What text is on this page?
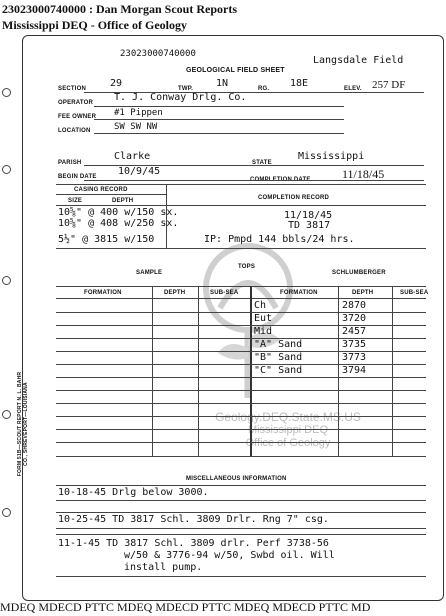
23023000740000 : Dan Morgan Scout Reports
Mississippi DEQ - Office of Geology
Geology.DEQ.State.MS.US
Mississippi DEQ
Office of Geology
23023000740000
Langsdale Field
GEOLOGICAL FIELD SHEET
SECTION 29	TWP. 1N	RG. 18E	ELEV. 257 DF
OPERATOR T. J. Conway Drlg. Co.
FEE OWNER #1 Pippen
LOCATION	SW SW NW
PARISH
Clarke
STATE
Mississippi
BEGIN DATE 10/9/45
COMPLETION DATE	11/18/45
CASING RECORD
COMPLETION RECORD
SIZE	DEPTH
10⅝" @ 400 w/150 sx.
10⅝" @ 408 w/250 sx.
5½" @ 3815 w/150
11/18/45
TD 3817
IP: Pmpd 144 bbls/24 hrs.
TOPS
SAMPLE	SCHLUMBERGER
FORMATION	DEPTH	SUB-SEA	FORMATION	DEPTH	SUB-SEA
Ch	2870
Eut	3720
Mid	2457
"A" Sand	3735
"B" Sand	3773
"C" Sand	3794
FORM 51B—SCOUT REPORT N. L. BAHR CO., SHREVEPORT—LOUISIANA
MISCELLANEOUS INFORMATION
10-18-45 Drlg below 3000.
10-25-45 TD 3817 Schl. 3809 Drlr. Rng 7" csg.
11-1-45 TD 3817 Schl. 3809 drlr. Perf 3738-56
w/50 & 3776-94 w/50, Swbd oil. Will
install pump.
MDEQ MDECD PTTC MDEQ MDECD PTTC MDEQ MDECD PTTC MD
